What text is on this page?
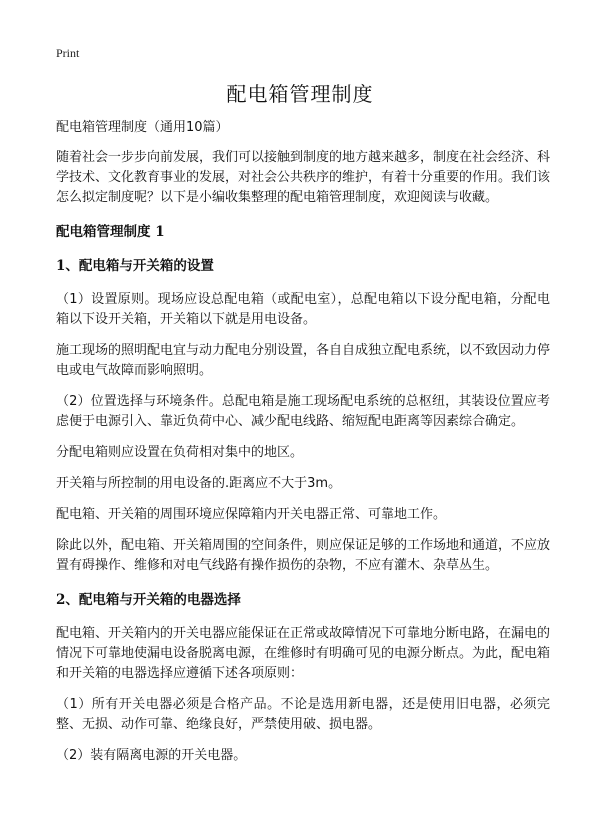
Print
配电箱管理制度

配电箱管理制度（通用10篇）

随着社会一步步向前发展，我们可以接触到制度的地方越来越多，制度在社会经济、科学技术、文化教育事业的发展，对社会公共秩序的维护，有着十分重要的作用。我们该怎么拟定制度呢？以下是小编收集整理的配电箱管理制度，欢迎阅读与收藏。

配电箱管理制度 1

1、配电箱与开关箱的设置

（1）设置原则。现场应设总配电箱（或配电室），总配电箱以下设分配电箱，分配电箱以下设开关箱，开关箱以下就是用电设备。

施工现场的照明配电宜与动力配电分别设置，各自自成独立配电系统，以不致因动力停电或电气故障而影响照明。

（2）位置选择与环境条件。总配电箱是施工现场配电系统的总枢纽，其装设位置应考虑便于电源引入、靠近负荷中心、减少配电线路、缩短配电距离等因素综合确定。

分配电箱则应设置在负荷相对集中的地区。

开关箱与所控制的用电设备的.距离应不大于3m。

配电箱、开关箱的周围环境应保障箱内开关电器正常、可靠地工作。

除此以外，配电箱、开关箱周围的空间条件，则应保证足够的工作场地和通道，不应放置有碍操作、维修和对电气线路有操作损伤的杂物，不应有灌木、杂草丛生。

2、配电箱与开关箱的电器选择

配电箱、开关箱内的开关电器应能保证在正常或故障情况下可靠地分断电路，在漏电的情况下可靠地使漏电设备脱离电源，在维修时有明确可见的电源分断点。为此，配电箱和开关箱的电器选择应遵循下述各项原则：

（1）所有开关电器必须是合格产品。不论是选用新电器，还是使用旧电器，必须完整、无损、动作可靠、绝缘良好，严禁使用破、损电器。

（2）装有隔离电源的开关电器。
